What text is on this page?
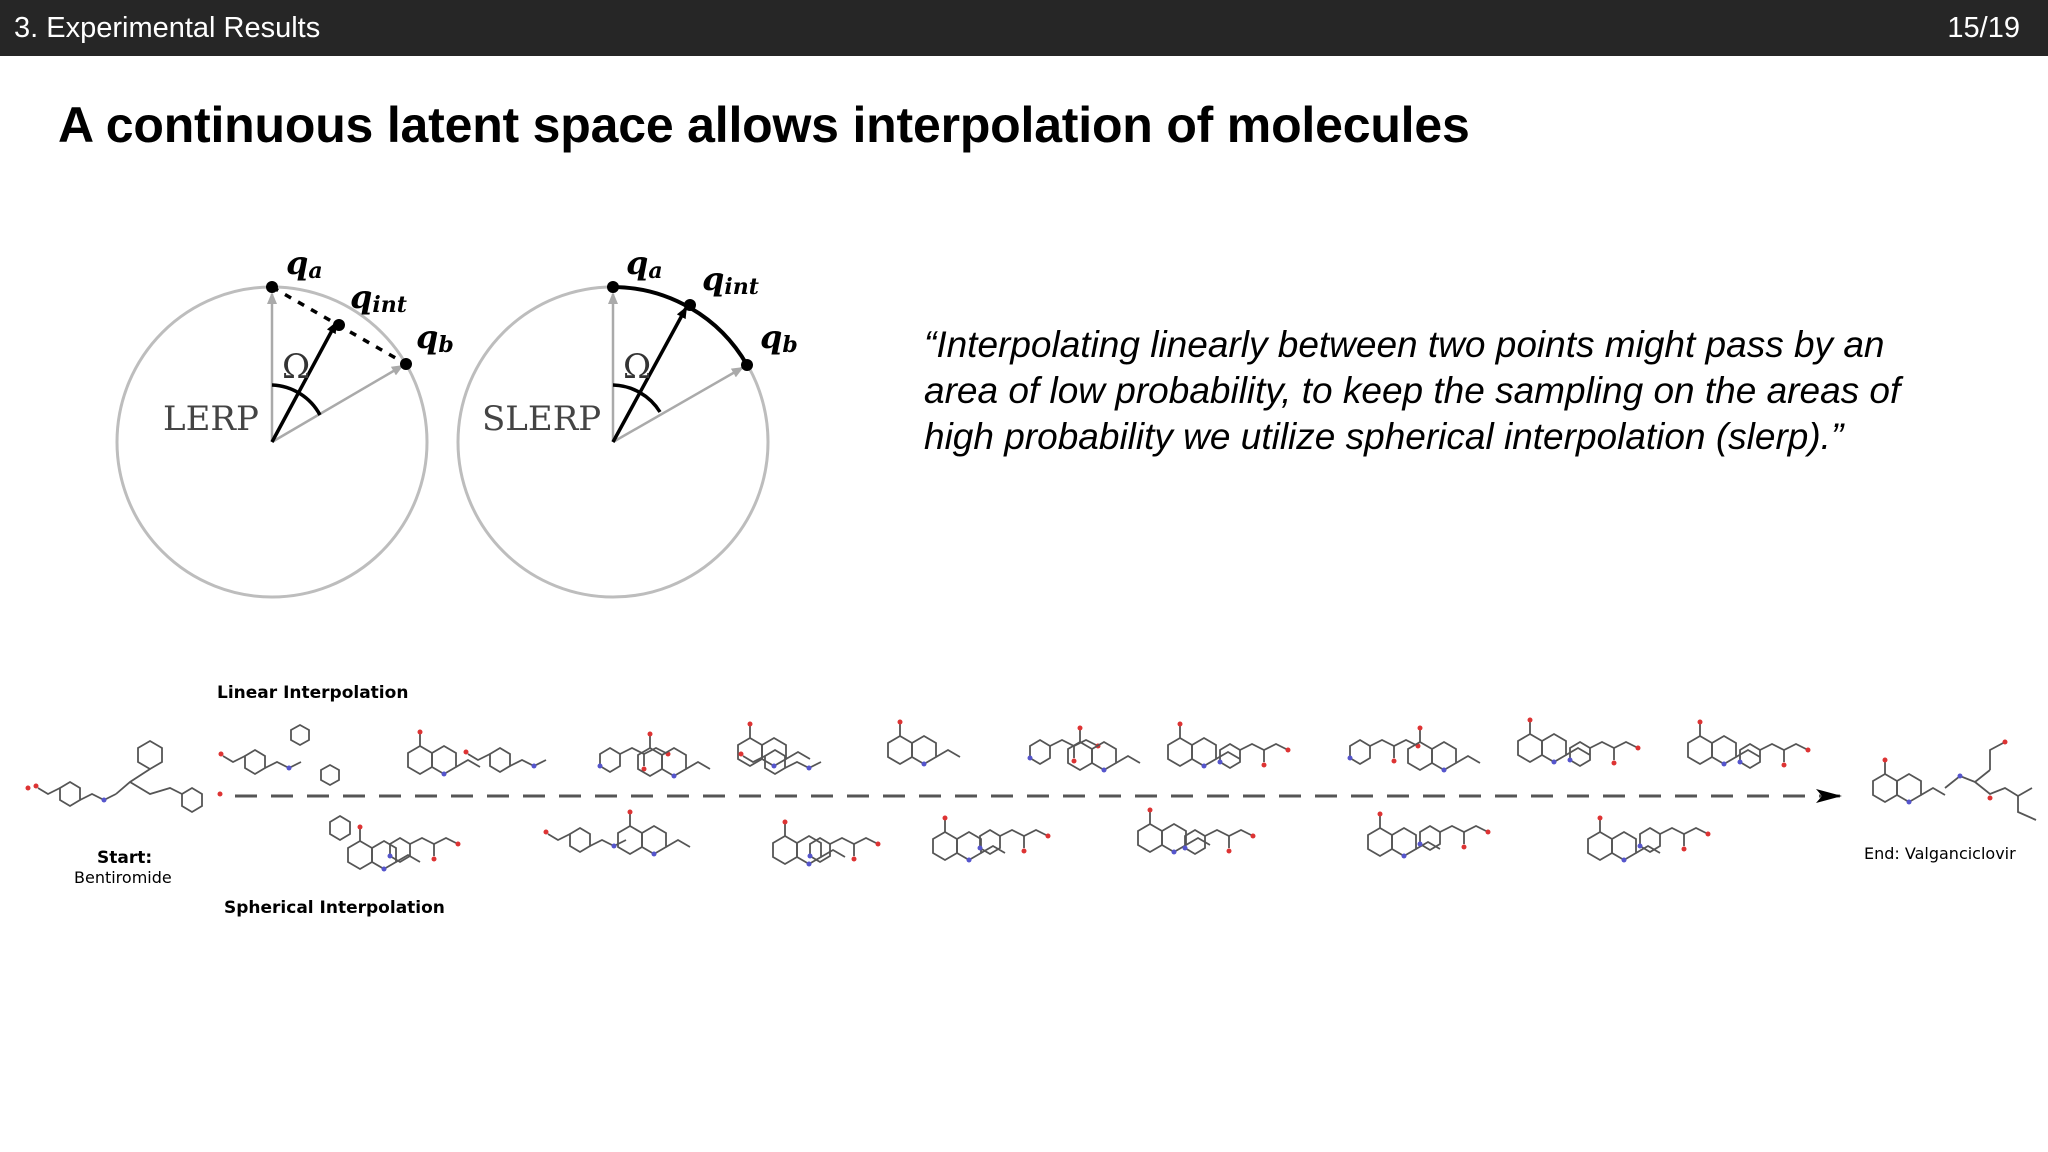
3. Experimental Results	15/19
A continuous latent space allows interpolation of molecules
Ω
LERP
qa
qint
qb
Ω
SLERP
qa qint
qb	“Interpolating linearly between two points might pass by an area of low probability, to keep the sampling on the areas of high probability we utilize spherical interpolation (slerp).”
Linear Interpolation
Spherical Interpolation
Start:
Bentiromide
End: Valganciclovir
